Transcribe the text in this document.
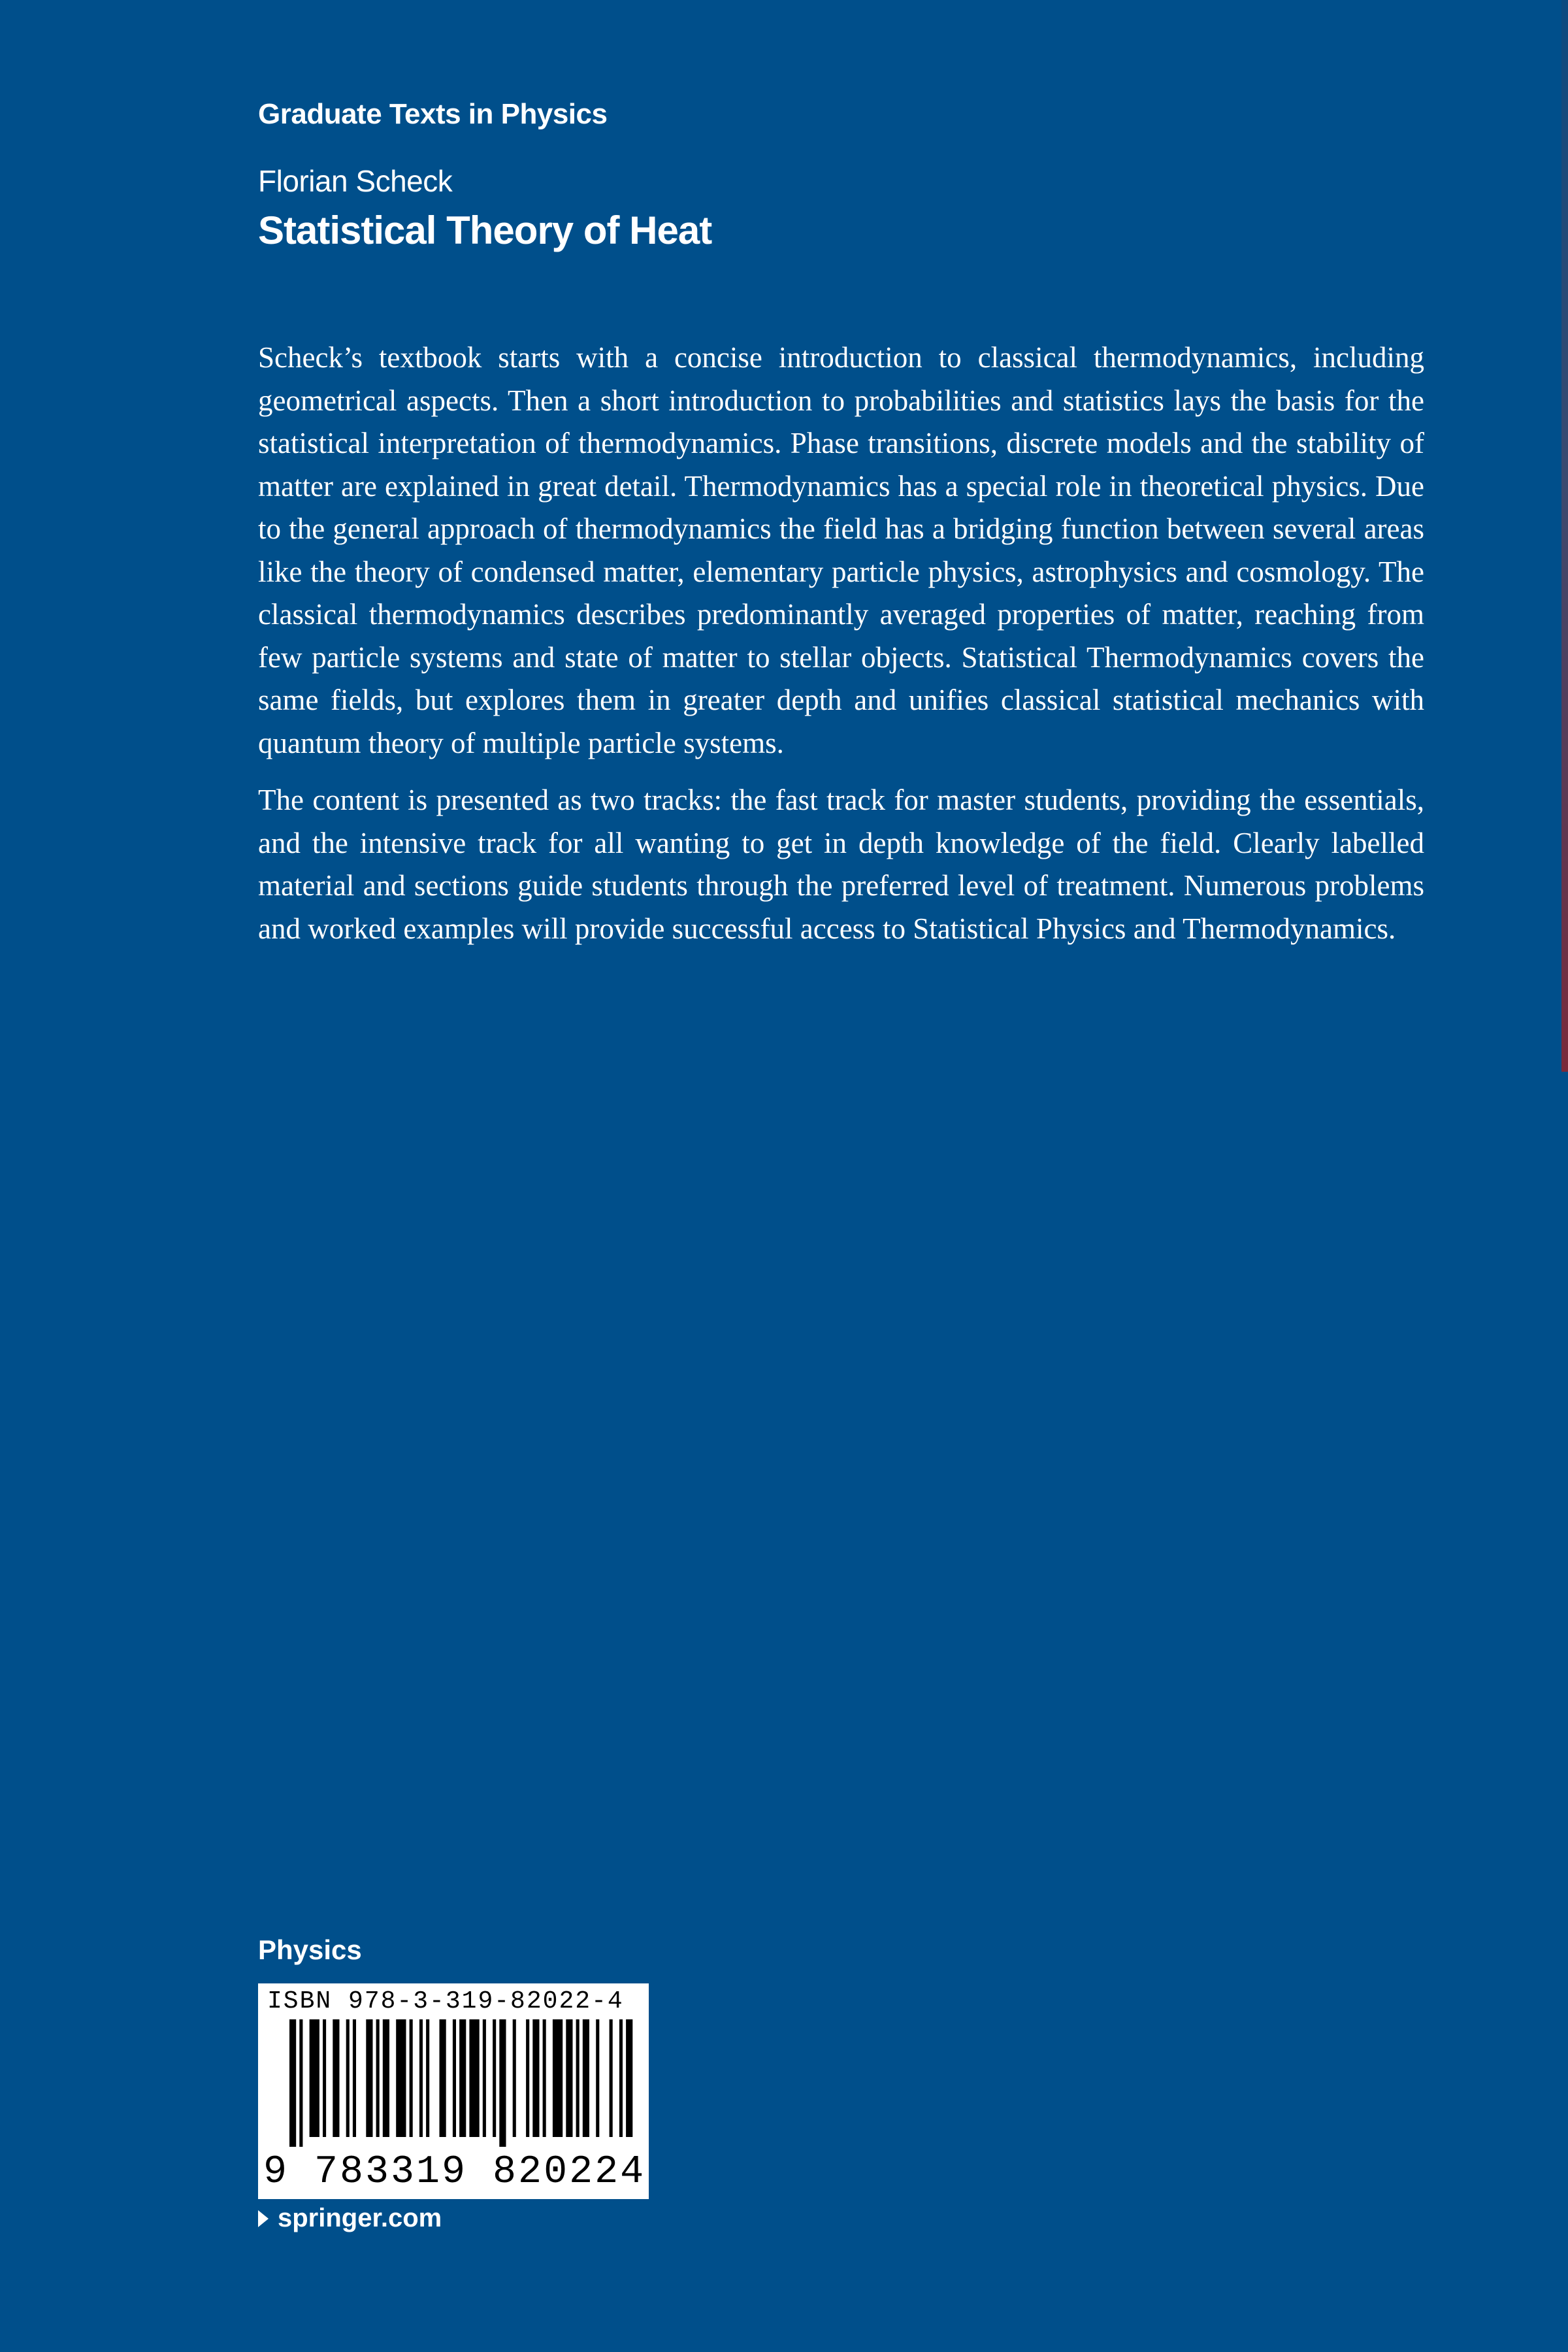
Graduate Texts in Physics
Florian Scheck
Statistical Theory of Heat

Scheck’s textbook starts with a concise introduction to classical thermodynamics, including geometrical aspects. Then a short introduction to probabilities and statistics lays the basis for the statistical interpretation of thermodynamics. Phase transitions, discrete models and the stability of matter are explained in great detail. Thermodynamics has a special role in theoretical physics. Due to the general approach of thermodynamics the field has a bridging function between several areas like the theory of condensed matter, elementary particle physics, astrophysics and cosmology. The classical thermodynamics describes predominantly averaged properties of matter, reaching from few particle systems and state of matter to stellar objects. Statistical Thermodynamics covers the same fields, but explores them in greater depth and unifies classical statistical mechanics with quantum theory of multiple particle systems.

The content is presented as two tracks: the fast track for master students, providing the essentials, and the intensive track for all wanting to get in depth knowledge of the field. Clearly labelled material and sections guide students through the preferred level of treatment. Numerous problems and worked examples will provide successful access to Statistical Physics and Thermodynamics.

Physics
ISBN 978-3-319-82022-4
9 783319 820224
springer.com
